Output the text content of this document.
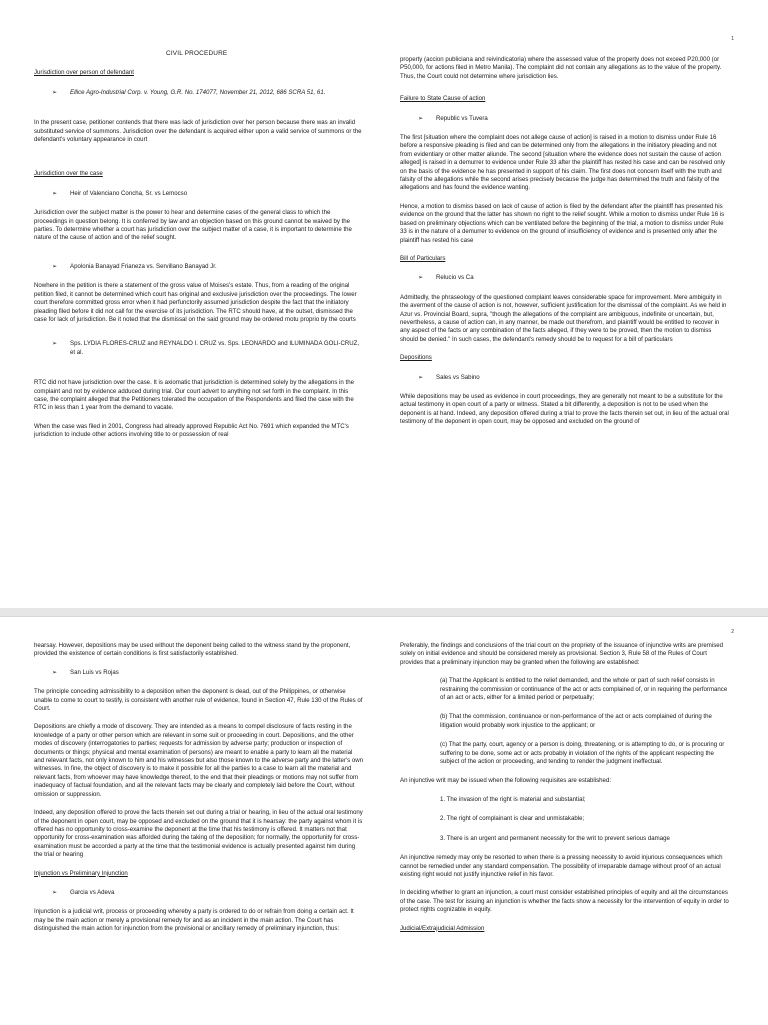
1
CIVIL PROCEDURE
Jurisdiction over person of defendant
➢	Ellice Agro-Industrial Corp. v. Young, G.R. No. 174077, November 21, 2012, 686 SCRA 51, 61.

In the present case, petitioner contends that there was lack of jurisdiction over her person because there was an invalid substituted service of summons. Jurisdiction over the defendant is acquired either upon a valid service of summons or the defendant's voluntary appearance in court

Jurisdiction over the case
➢	Heir of Valenciano Concha, Sr. vs Lemocso

Jurisdiction over the subject matter is the power to hear and determine cases of the general class to which the proceedings in question belong. It is conferred by law and an objection based on this ground cannot be waived by the parties. To determine whether a court has jurisdiction over the subject matter of a case, it is important to determine the nature of the cause of action and of the relief sought.

➢	Apolonia Banayad Frianeza vs. Servillano Banayad Jr.

Nowhere in the petition is there a statement of the gross value of Moises's estate. Thus, from a reading of the original petition filed, it cannot be determined which court has original and exclusive jurisdiction over the proceedings. The lower court therefore committed gross error when it had perfunctorily assumed jurisdiction despite the fact that the initiatory pleading filed before it did not call for the exercise of its jurisdiction. The RTC should have, at the outset, dismissed the case for lack of jurisdiction. Be it noted that the dismissal on the said ground may be ordered motu proprio by the courts

➢	Sps. LYDIA FLORES-CRUZ and REYNALDO I. CRUZ vs. Sps. LEONARDO and ILUMINADA GOLI-CRUZ, et al.

RTC did not have jurisdiction over the case. It is axiomatic that jurisdiction is determined solely by the allegations in the complaint and not by evidence adduced during trial. Our court advert to anything not set forth in the complaint. In this case, the complaint alleged that the Petitioners tolerated the occupation of the Respondents and filed the case with the RTC in less than 1 year from the demand to vacate.

When the case was filed in 2001, Congress had already approved Republic Act No. 7691 which expanded the MTC's jurisdiction to include other actions involving title to or possession of real

property (accion publiciana and reivindicatoria) where the assessed value of the property does not exceed P20,000 (or P50,000, for actions filed in Metro Manila). The complaint did not contain any allegations as to the value of the property. Thus, the Court could not determine where jurisdiction lies.

Failure to State Cause of action
➢	Republic vs Tuvera

The first [situation where the complaint does not allege cause of action] is raised in a motion to dismiss under Rule 16 before a responsive pleading is filed and can be determined only from the allegations in the initiatory pleading and not from evidentiary or other matter aliunde. The second [situation where the evidence does not sustain the cause of action alleged] is raised in a demurrer to evidence under Rule 33 after the plaintiff has rested his case and can be resolved only on the basis of the evidence he has presented in support of his claim. The first does not concern itself with the truth and falsity of the allegations while the second arises precisely because the judge has determined the truth and falsity of the allegations and has found the evidence wanting.

Hence, a motion to dismiss based on lack of cause of action is filed by the defendant after the plaintiff has presented his evidence on the ground that the latter has shown no right to the relief sought. While a motion to dismiss under Rule 16 is based on preliminary objections which can be ventilated before the beginning of the trial, a motion to dismiss under Rule 33 is in the nature of a demurrer to evidence on the ground of insufficiency of evidence and is presented only after the plaintiff has rested his case

Bill of Particulars
➢	Relucio vs Ca

Admittedly, the phraseology of the questioned complaint leaves considerable space for improvement. Mere ambiguity in the averment of the cause of action is not, however, sufficient justification for the dismissal of the complaint. As we held in Azur vs. Provincial Board, supra, "though the allegations of the complaint are ambiguous, indefinite or uncertain, but, nevertheless, a cause of action can, in any manner, be made out therefrom, and plaintiff would be entitled to recover in any aspect of the facts or any combination of the facts alleged, if they were to be proved, then the motion to dismiss should be denied." In such cases, the defendant's remedy should be to request for a bill of particulars

Depositions
➢	Sales vs Sabino

While depositions may be used as evidence in court proceedings, they are generally not meant to be a substitute for the actual testimony in open court of a party or witness. Stated a bit differently, a deposition is not to be used when the deponent is at hand. Indeed, any deposition offered during a trial to prove the facts therein set out, in lieu of the actual oral testimony of the deponent in open court, may be opposed and excluded on the ground of

2

hearsay. However, depositions may be used without the deponent being called to the witness stand by the proponent, provided the existence of certain conditions is first satisfactorily established.

➢	San Luis vs Rojas

The principle conceding admissibility to a deposition when the deponent is dead, out of the Philippines, or otherwise unable to come to court to testify, is consistent with another rule of evidence, found in Section 47, Rule 130 of the Rules of Court.

Depositions are chiefly a mode of discovery. They are intended as a means to compel disclosure of facts resting in the knowledge of a party or other person which are relevant in some suit or proceeding in court. Depositions, and the other modes of discovery (interrogatories to parties; requests for admission by adverse party; production or inspection of documents or things; physical and mental examination of persons) are meant to enable a party to learn all the material and relevant facts, not only known to him and his witnesses but also those known to the adverse party and the latter's own witnesses. In fine, the object of discovery is to make it possible for all the parties to a case to learn all the material and relevant facts, from whoever may have knowledge thereof, to the end that their pleadings or motions may not suffer from inadequacy of factual foundation, and all the relevant facts may be clearly and completely laid before the Court, without omission or suppression.

Indeed, any deposition offered to prove the facts therein set out during a trial or hearing, in lieu of the actual oral testimony of the deponent in open court, may be opposed and excluded on the ground that it is hearsay: the party against whom it is offered has no opportunity to cross-examine the deponent at the time that his testimony is offered. It matters not that opportunity for cross-examination was afforded during the taking of the deposition; for normally, the opportunity for cross-examination must be accorded a party at the time that the testimonial evidence is actually presented against him during the trial or hearing

Injunction vs Preliminary Injunction
➢	Garcia vs Adeva

Injunction is a judicial writ, process or proceeding whereby a party is ordered to do or refrain from doing a certain act. It may be the main action or merely a provisional remedy for and as an incident in the main action. The Court has distinguished the main action for injunction from the provisional or ancillary remedy of preliminary injunction, thus:

Preferably, the findings and conclusions of the trial court on the propriety of the issuance of injunctive writs are premised solely on initial evidence and should be considered merely as provisional. Section 3, Rule 58 of the Rules of Court provides that a preliminary injunction may be granted when the following are established:

(a) That the Applicant is entitled to the relief demanded, and the whole or part of such relief consists in restraining the commission or continuance of the act or acts complained of, or in requiring the performance of an act or acts, either for a limited period or perpetually;
(b) That the commission, continuance or non-performance of the act or acts complained of during the litigation would probably work injustice to the applicant; or
(c) That the party, court, agency or a person is doing, threatening, or is attempting to do, or is procuring or suffering to be done, some act or acts probably in violation of the rights of the applicant respecting the subject of the action or proceeding, and tending to render the judgment ineffectual.

An injunctive writ may be issued when the following requisites are established:

1. The invasion of the right is material and substantial;
2. The right of complainant is clear and unmistakable;
3. There is an urgent and permanent necessity for the writ to prevent serious damage

An injunctive remedy may only be resorted to when there is a pressing necessity to avoid injurious consequences which cannot be remedied under any standard compensation. The possibility of irreparable damage without proof of an actual existing right would not justify injunctive relief in his favor.

In deciding whether to grant an injunction, a court must consider established principles of equity and all the circumstances of the case. The test for issuing an injunction is whether the facts show a necessity for the intervention of equity in order to protect rights cognizable in equity.

Judicial/Extrajudicial Admission
